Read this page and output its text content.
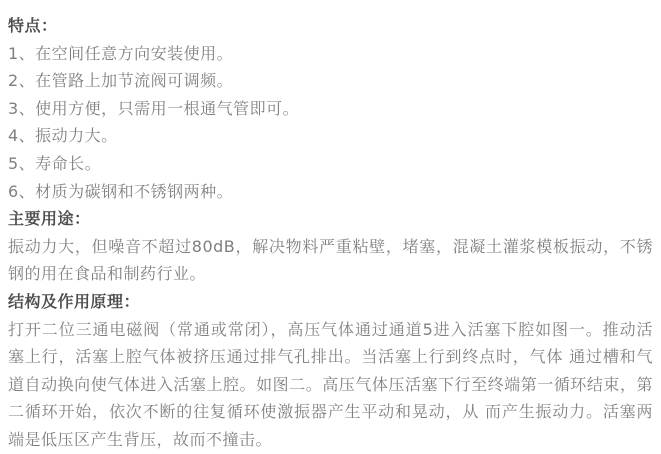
特点：
1、在空间任意方向安装使用。
2、在管路上加节流阀可调频。
3、使用方便，只需用一根通气管即可。
4、振动力大。
5、寿命长。
6、材质为碳钢和不锈钢两种。
主要用途：
振动力大，但噪音不超过80dB，解决物料严重粘壁，堵塞，混凝土灌浆模板振动，不锈钢的用在食品和制药行业。
结构及作用原理：
打开二位三通电磁阀（常通或常闭），高压气体通过通道5进入活塞下腔如图一。推动活塞上行，活塞上腔气体被挤压通过排气孔排出。当活塞上行到终点时，气体 通过槽和气道自动换向使气体进入活塞上腔。如图二。高压气体压活塞下行至终端第一循环结束，第二循环开始，依次不断的往复循环使激振器产生平动和晃动，从 而产生振动力。活塞两端是低压区产生背压，故而不撞击。
